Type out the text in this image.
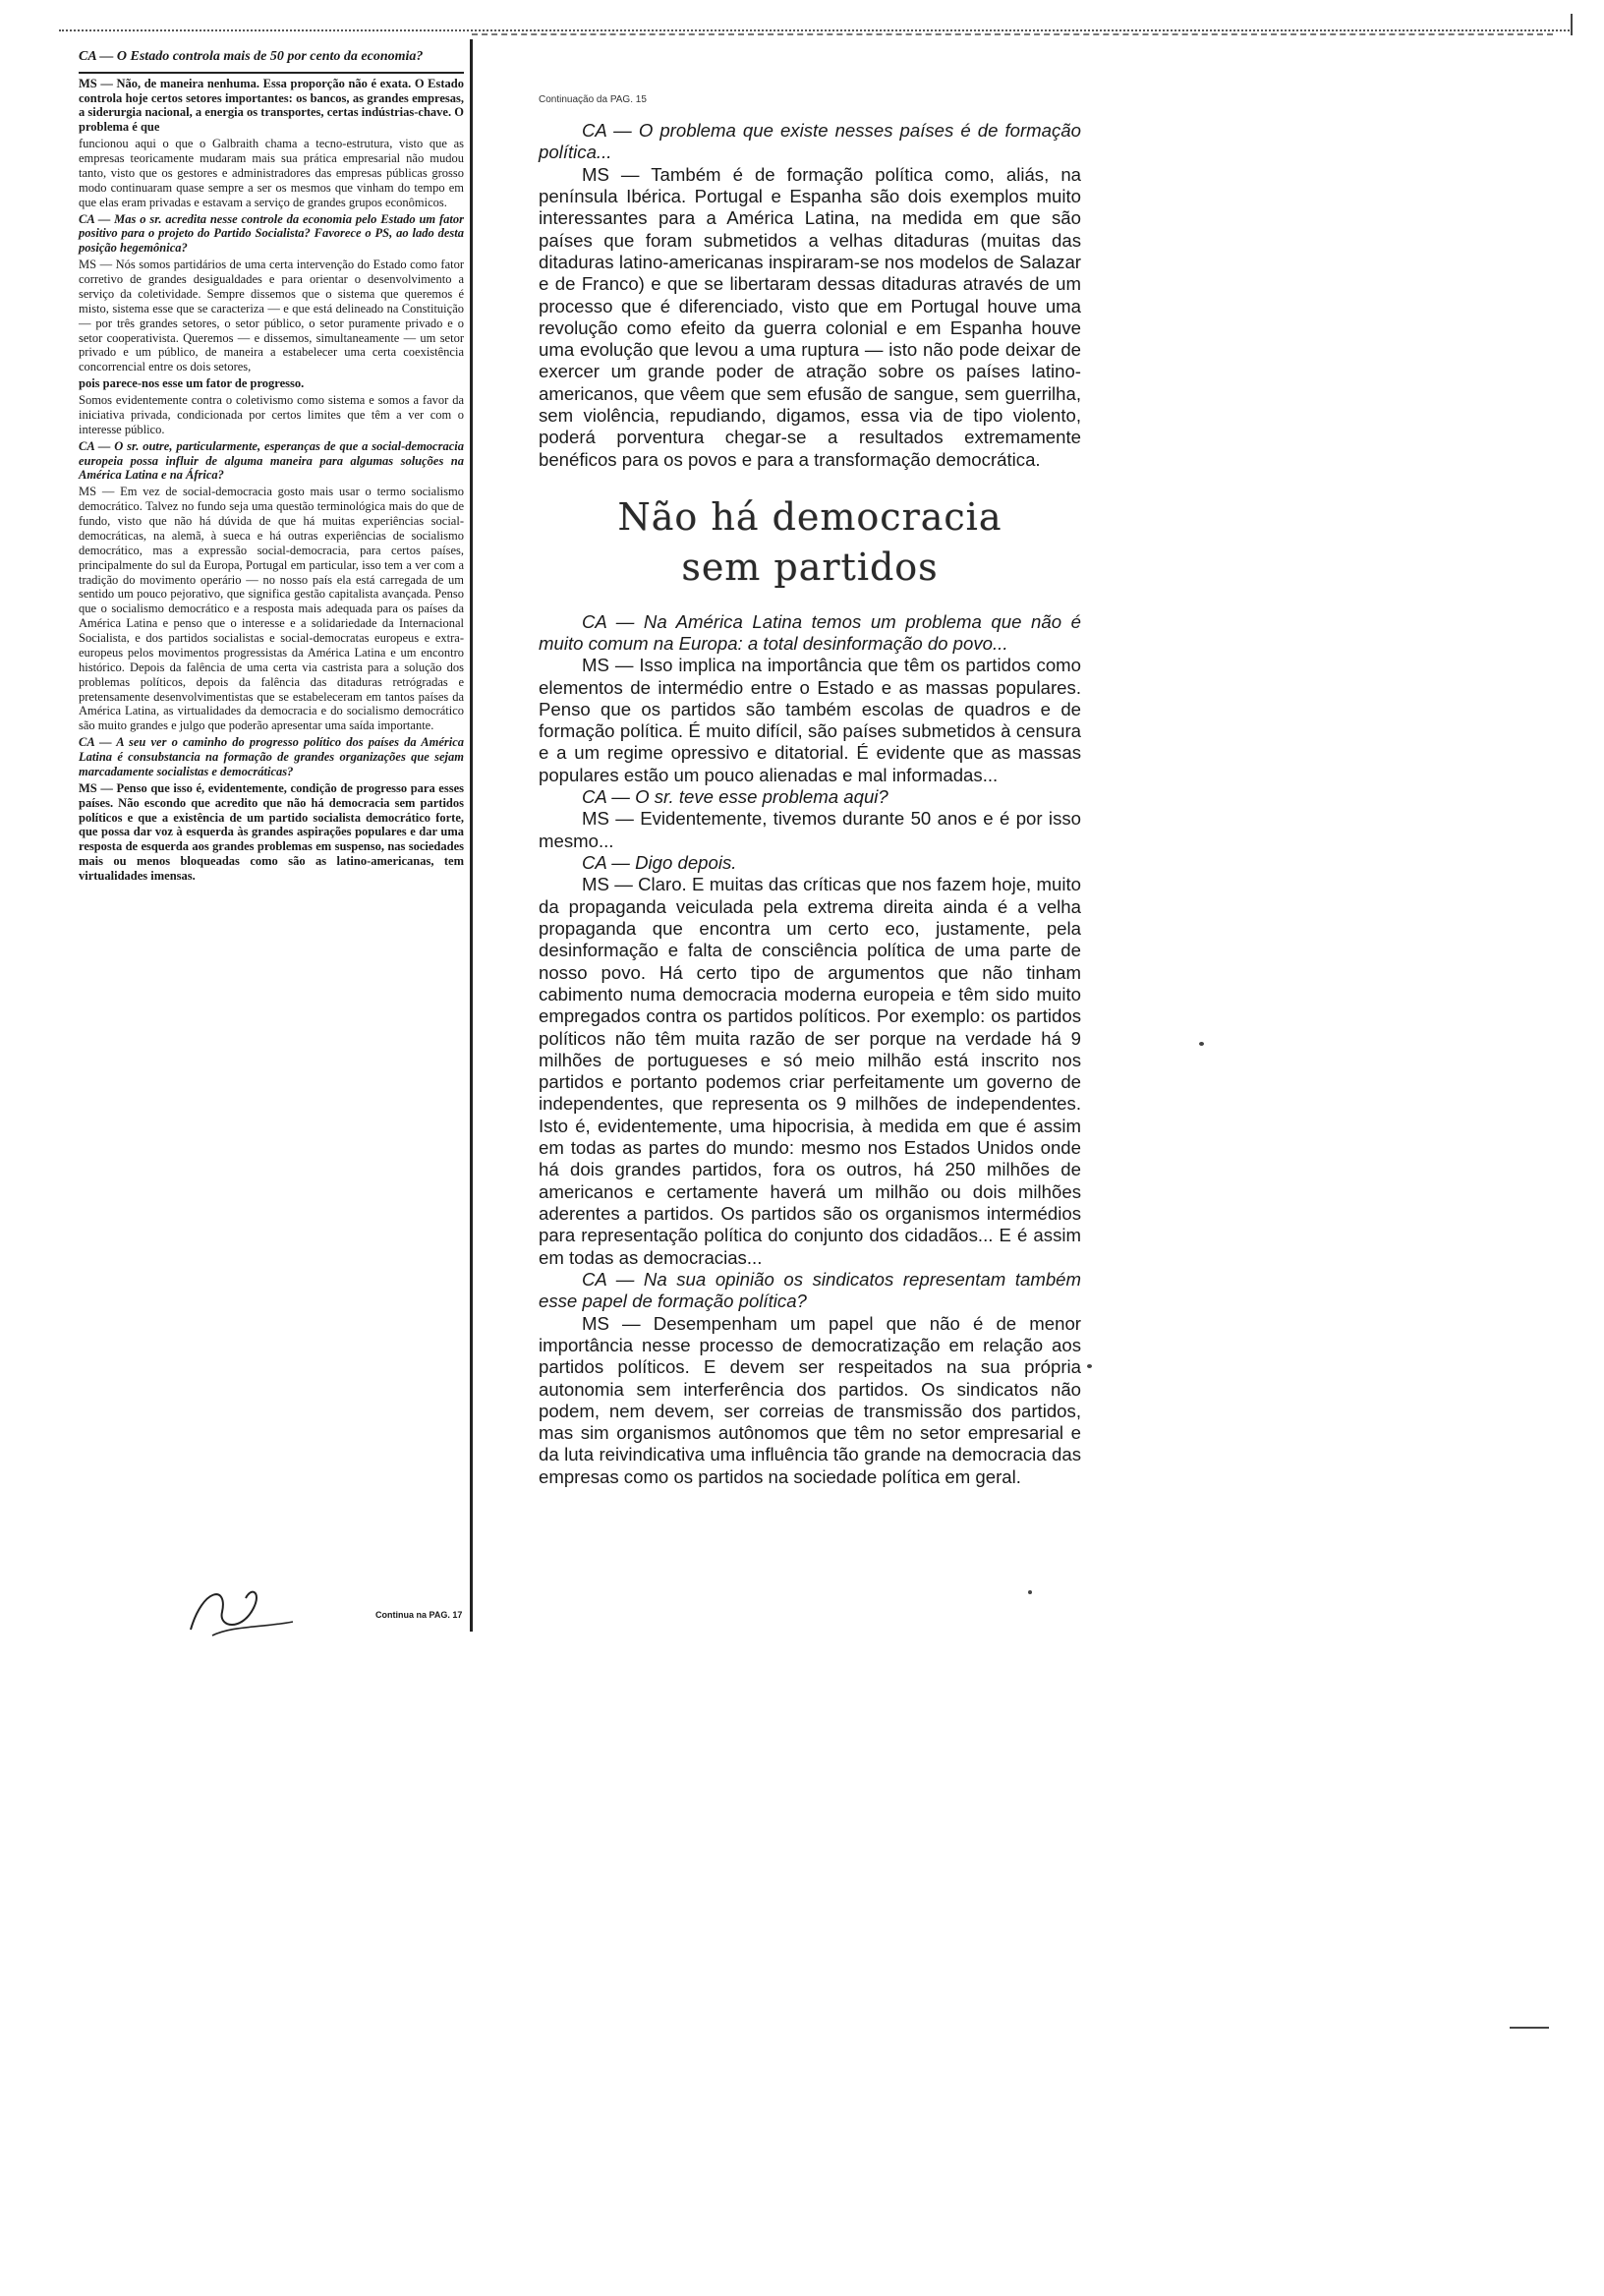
CA — O Estado controla mais de 50 por cento da economia?

MS — Não, de maneira nenhuma. Essa proporção não é exata. O Estado controla hoje certos setores importantes: os bancos, as grandes empresas, a siderurgia nacional, a energia os transportes, certas indústrias-chave. O problema é que

funcionou aqui o que o Galbraith chama a tecno-estrutura, visto que as empresas teoricamente mudaram mais sua prática empresarial não mudou tanto, visto que os gestores e administradores das empresas públicas grosso modo continuaram quase sempre a ser os mesmos que vinham do tempo em que elas eram privadas e estavam a serviço de grandes grupos econômicos.

CA — Mas o sr. acredita nesse controle da economia pelo Estado um fator positivo para o projeto do Partido Socialista? Favorece o PS, ao lado desta posição hegemônica?

MS — Nós somos partidários de uma certa intervenção do Estado como fator corretivo de grandes desigualdades e para orientar o desenvolvimento a serviço da coletividade. Sempre dissemos que o sistema que queremos é misto, sistema esse que se caracteriza — e que está delineado na Constituição — por três grandes setores, o setor público, o setor puramente privado e o setor cooperativista. Queremos — e dissemos, simultaneamente — um setor privado e um público, de maneira a estabelecer uma certa coexistência concorrencial entre os dois setores,

pois parece-nos esse um fator de progresso.

Somos evidentemente contra o coletivismo como sistema e somos a favor da iniciativa privada, condicionada por certos limites que têm a ver com o interesse público.

CA — O sr. outre, particularmente, esperanças de que a social-democracia europeia possa influir de alguma maneira para algumas soluções na América Latina e na África?

MS — Em vez de social-democracia gosto mais usar o termo socialismo democrático. Talvez no fundo seja uma questão terminológica mais do que de fundo, visto que não há dúvida de que há muitas experiências social-democráticas, na alemã, à sueca e há outras experiências de socialismo democrático, mas a expressão social-democracia, para certos países, principalmente do sul da Europa, Portugal em particular, isso tem a ver com a tradição do movimento operário — no nosso país ela está carregada de um sentido um pouco pejorativo, que significa gestão capitalista avançada. Penso que o socialismo democrático e a resposta mais adequada para os países da América Latina e penso que o interesse e a solidariedade da Internacional Socialista, e dos partidos socialistas e social-democratas europeus e extra-europeus pelos movimentos progressistas da América Latina e um encontro histórico. Depois da falência de uma certa via castrista para a solução dos problemas políticos, depois da falência das ditaduras retrógradas e pretensamente desenvolvimentistas que se estabeleceram em tantos países da América Latina, as virtualidades da democracia e do socialismo democrático são muito grandes e julgo que poderão apresentar uma saída importante.

CA — A seu ver o caminho do progresso político dos países da América Latina é consubstancia na formação de grandes organizações que sejam marcadamente socialistas e democráticas?

MS — Penso que isso é, evidentemente, condição de progresso para esses países. Não escondo que acredito que não há democracia sem partidos políticos e que a existência de um partido socialista democrático forte, que possa dar voz à esquerda às grandes aspirações populares e dar uma resposta de esquerda aos grandes problemas em suspenso, nas sociedades mais ou menos bloqueadas como são as latino-americanas, tem virtualidades imensas.

Continua na PAG. 17
Continuação da PAG. 15

CA — O problema que existe nesses países é de formação política...

MS — Também é de formação política como, aliás, na península Ibérica. Portugal e Espanha são dois exemplos muito interessantes para a América Latina, na medida em que são países que foram submetidos a velhas ditaduras (muitas das ditaduras latino-americanas inspiraram-se nos modelos de Salazar e de Franco) e que se libertaram dessas ditaduras através de um processo que é diferenciado, visto que em Portugal houve uma revolução como efeito da guerra colonial e em Espanha houve uma evolução que levou a uma ruptura — isto não pode deixar de exercer um grande poder de atração sobre os países latino-americanos, que vêem que sem efusão de sangue, sem guerrilha, sem violência, repudiando, digamos, essa via de tipo violento, poderá porventura chegar-se a resultados extremamente benéficos para os povos e para a transformação democrática.

Não há democracia
sem partidos

CA — Na América Latina temos um problema que não é muito comum na Europa: a total desinformação do povo...

MS — Isso implica na importância que têm os partidos como elementos de intermédio entre o Estado e as massas populares. Penso que os partidos são também escolas de quadros e de formação política. É muito difícil, são países submetidos à censura e a um regime opressivo e ditatorial. É evidente que as massas populares estão um pouco alienadas e mal informadas...

CA — O sr. teve esse problema aqui?

MS — Evidentemente, tivemos durante 50 anos e é por isso mesmo...

CA — Digo depois.

MS — Claro. E muitas das críticas que nos fazem hoje, muito da propaganda veiculada pela extrema direita ainda é a velha propaganda que encontra um certo eco, justamente, pela desinformação e falta de consciência política de uma parte de nosso povo. Há certo tipo de argumentos que não tinham cabimento numa democracia moderna europeia e têm sido muito empregados contra os partidos políticos. Por exemplo: os partidos políticos não têm muita razão de ser porque na verdade há 9 milhões de portugueses e só meio milhão está inscrito nos partidos e portanto podemos criar perfeitamente um governo de independentes, que representa os 9 milhões de independentes. Isto é, evidentemente, uma hipocrisia, à medida em que é assim em todas as partes do mundo: mesmo nos Estados Unidos onde há dois grandes partidos, fora os outros, há 250 milhões de americanos e certamente haverá um milhão ou dois milhões aderentes a partidos. Os partidos são os organismos intermédios para representação política do conjunto dos cidadãos... E é assim em todas as democracias...

CA — Na sua opinião os sindicatos representam também esse papel de formação política?

MS — Desempenham um papel que não é de menor importância nesse processo de democratização em relação aos partidos políticos. E devem ser respeitados na sua própria autonomia sem interferência dos partidos. Os sindicatos não podem, nem devem, ser correias de transmissão dos partidos, mas sim organismos autônomos que têm no setor empresarial e da luta reivindicativa uma influência tão grande na democracia das empresas como os partidos na sociedade política em geral.
